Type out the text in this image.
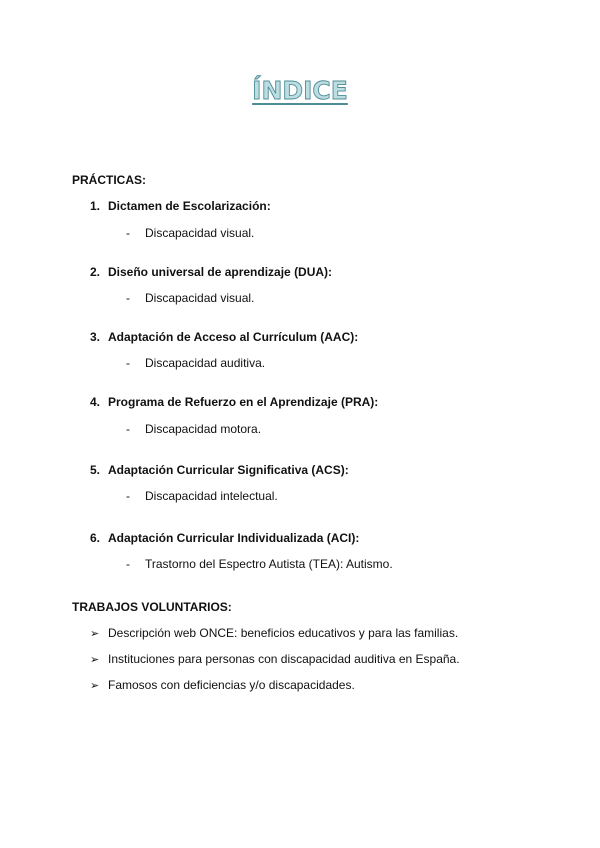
ÍNDICE
PRÁCTICAS:
1. Dictamen de Escolarización:
- Discapacidad visual.
2. Diseño universal de aprendizaje (DUA):
- Discapacidad visual.
3. Adaptación de Acceso al Currículum (AAC):
- Discapacidad auditiva.
4. Programa de Refuerzo en el Aprendizaje (PRA):
- Discapacidad motora.
5. Adaptación Curricular Significativa (ACS):
- Discapacidad intelectual.
6. Adaptación Curricular Individualizada (ACI):
- Trastorno del Espectro Autista (TEA): Autismo.
TRABAJOS VOLUNTARIOS:
➢ Descripción web ONCE: beneficios educativos y para las familias.
➢ Instituciones para personas con discapacidad auditiva en España.
➢ Famosos con deficiencias y/o discapacidades.
